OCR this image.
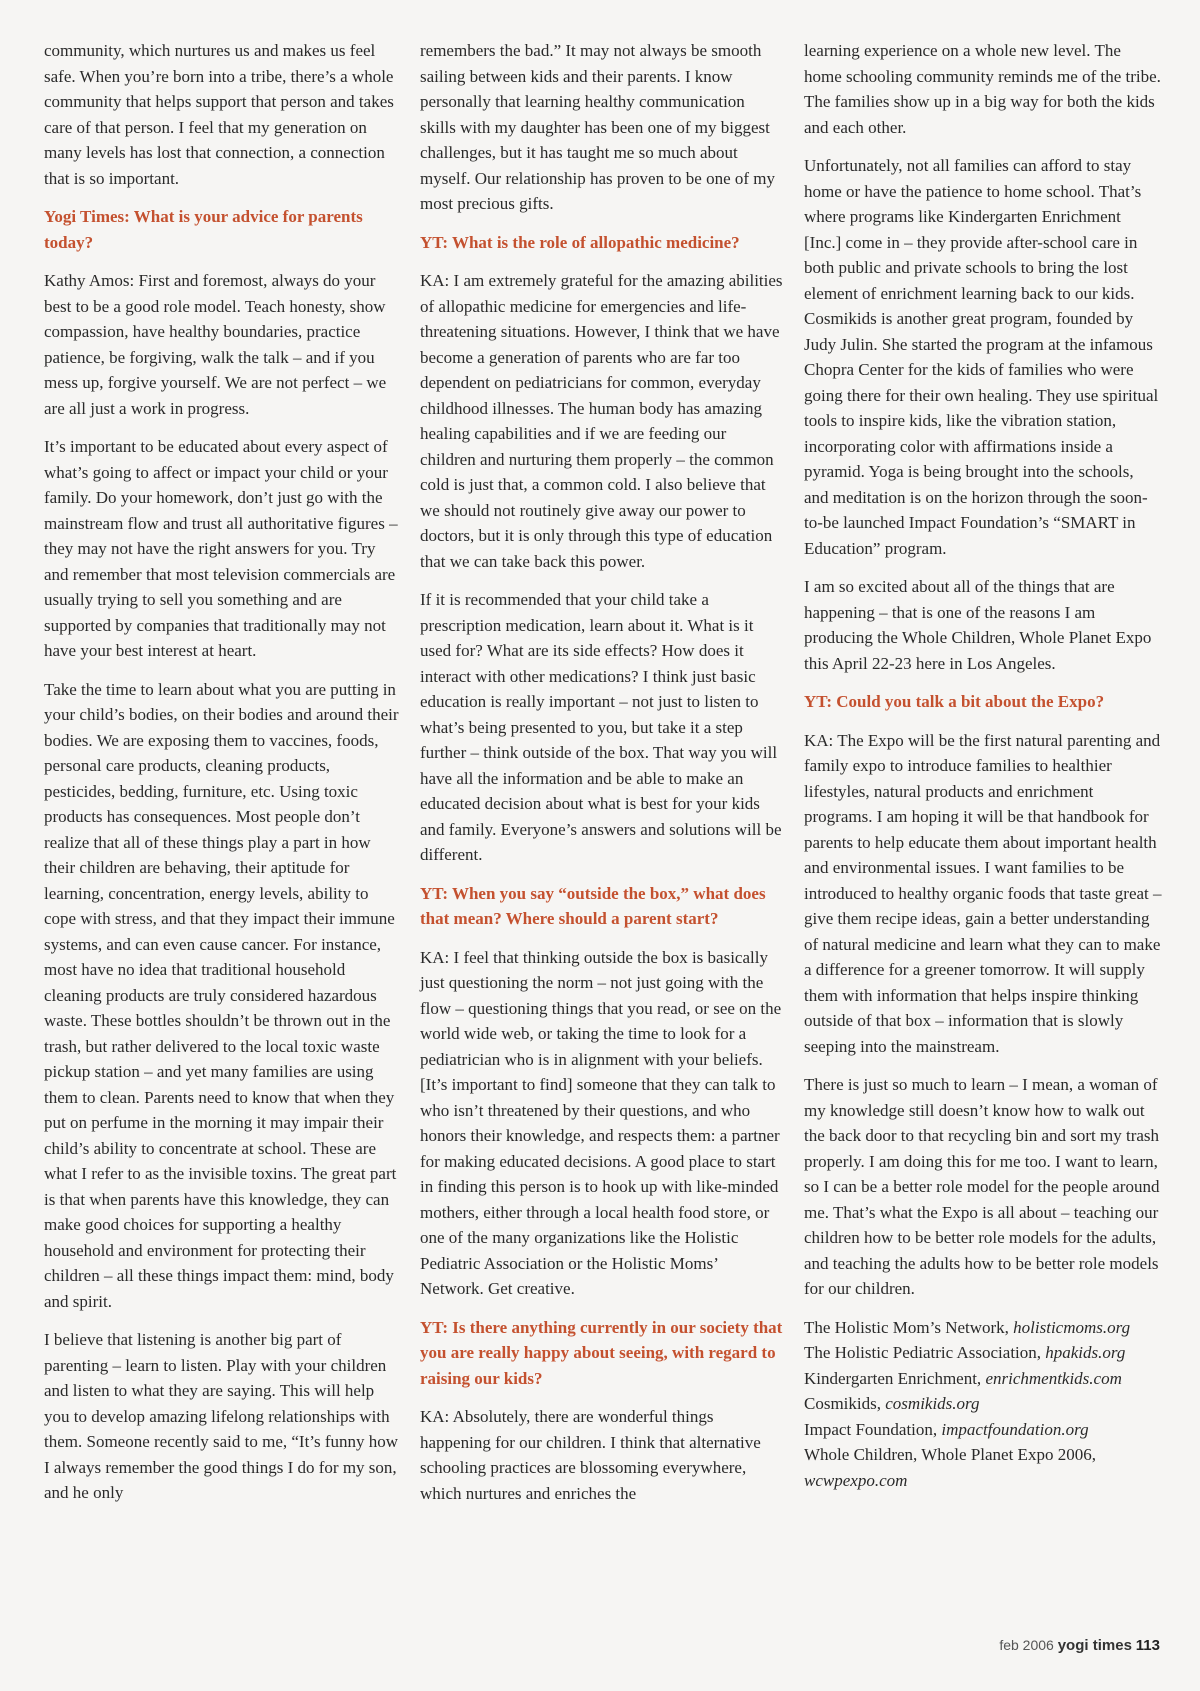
community, which nurtures us and makes us feel safe. When you’re born into a tribe, there’s a whole community that helps support that person and takes care of that person. I feel that my generation on many levels has lost that connection, a connection that is so important.

Yogi Times: What is your advice for parents today?

Kathy Amos: First and foremost, always do your best to be a good role model. Teach honesty, show compassion, have healthy boundaries, practice patience, be forgiving, walk the talk – and if you mess up, forgive yourself. We are not perfect – we are all just a work in progress.

It’s important to be educated about every aspect of what’s going to affect or impact your child or your family. Do your homework, don’t just go with the mainstream flow and trust all authoritative figures – they may not have the right answers for you. Try and remember that most television commercials are usually trying to sell you something and are supported by companies that traditionally may not have your best interest at heart.

Take the time to learn about what you are putting in your child’s bodies, on their bodies and around their bodies. We are exposing them to vaccines, foods, personal care products, cleaning products, pesticides, bedding, furniture, etc. Using toxic products has consequences. Most people don’t realize that all of these things play a part in how their children are behaving, their aptitude for learning, concentration, energy levels, ability to cope with stress, and that they impact their immune systems, and can even cause cancer. For instance, most have no idea that traditional household cleaning products are truly considered hazardous waste. These bottles shouldn’t be thrown out in the trash, but rather delivered to the local toxic waste pickup station – and yet many families are using them to clean. Parents need to know that when they put on perfume in the morning it may impair their child’s ability to concentrate at school. These are what I refer to as the invisible toxins. The great part is that when parents have this knowledge, they can make good choices for supporting a healthy household and environment for protecting their children – all these things impact them: mind, body and spirit.

I believe that listening is another big part of parenting – learn to listen. Play with your children and listen to what they are saying. This will help you to develop amazing lifelong relationships with them. Someone recently said to me, “It’s funny how I always remember the good things I do for my son, and he only

remembers the bad.” It may not always be smooth sailing between kids and their parents. I know personally that learning healthy communication skills with my daughter has been one of my biggest challenges, but it has taught me so much about myself. Our relationship has proven to be one of my most precious gifts.

YT: What is the role of allopathic medicine?

KA: I am extremely grateful for the amazing abilities of allopathic medicine for emergencies and life-threatening situations. However, I think that we have become a generation of parents who are far too dependent on pediatricians for common, everyday childhood illnesses. The human body has amazing healing capabilities and if we are feeding our children and nurturing them properly – the common cold is just that, a common cold. I also believe that we should not routinely give away our power to doctors, but it is only through this type of education that we can take back this power.

If it is recommended that your child take a prescription medication, learn about it. What is it used for? What are its side effects? How does it interact with other medications? I think just basic education is really important – not just to listen to what’s being presented to you, but take it a step further – think outside of the box. That way you will have all the information and be able to make an educated decision about what is best for your kids and family. Everyone’s answers and solutions will be different.

YT: When you say “outside the box,” what does that mean? Where should a parent start?

KA: I feel that thinking outside the box is basically just questioning the norm – not just going with the flow – questioning things that you read, or see on the world wide web, or taking the time to look for a pediatrician who is in alignment with your beliefs. [It’s important to find] someone that they can talk to who isn’t threatened by their questions, and who honors their knowledge, and respects them: a partner for making educated decisions. A good place to start in finding this person is to hook up with like-minded mothers, either through a local health food store, or one of the many organizations like the Holistic Pediatric Association or the Holistic Moms’ Network. Get creative.

YT: Is there anything currently in our society that you are really happy about seeing, with regard to raising our kids?

KA: Absolutely, there are wonderful things happening for our children. I think that alternative schooling practices are blossoming everywhere, which nurtures and enriches the

learning experience on a whole new level. The home schooling community reminds me of the tribe. The families show up in a big way for both the kids and each other.

Unfortunately, not all families can afford to stay home or have the patience to home school. That’s where programs like Kindergarten Enrichment [Inc.] come in – they provide after-school care in both public and private schools to bring the lost element of enrichment learning back to our kids. Cosmikids is another great program, founded by Judy Julin. She started the program at the infamous Chopra Center for the kids of families who were going there for their own healing. They use spiritual tools to inspire kids, like the vibration station, incorporating color with affirmations inside a pyramid. Yoga is being brought into the schools, and meditation is on the horizon through the soon-to-be launched Impact Foundation’s “SMART in Education” program.

I am so excited about all of the things that are happening – that is one of the reasons I am producing the Whole Children, Whole Planet Expo this April 22-23 here in Los Angeles.

YT: Could you talk a bit about the Expo?

KA: The Expo will be the first natural parenting and family expo to introduce families to healthier lifestyles, natural products and enrichment programs. I am hoping it will be that handbook for parents to help educate them about important health and environmental issues. I want families to be introduced to healthy organic foods that taste great – give them recipe ideas, gain a better understanding of natural medicine and learn what they can to make a difference for a greener tomorrow. It will supply them with information that helps inspire thinking outside of that box – information that is slowly seeping into the mainstream.

There is just so much to learn – I mean, a woman of my knowledge still doesn’t know how to walk out the back door to that recycling bin and sort my trash properly. I am doing this for me too. I want to learn, so I can be a better role model for the people around me. That’s what the Expo is all about – teaching our children how to be better role models for the adults, and teaching the adults how to be better role models for our children.

The Holistic Mom’s Network, holisticmoms.org
The Holistic Pediatric Association, hpakids.org
Kindergarten Enrichment, enrichmentkids.com
Cosmikids, cosmikids.org
Impact Foundation, impactfoundation.org
Whole Children, Whole Planet Expo 2006, wcwpexpo.com
feb 2006 yogi times 113
